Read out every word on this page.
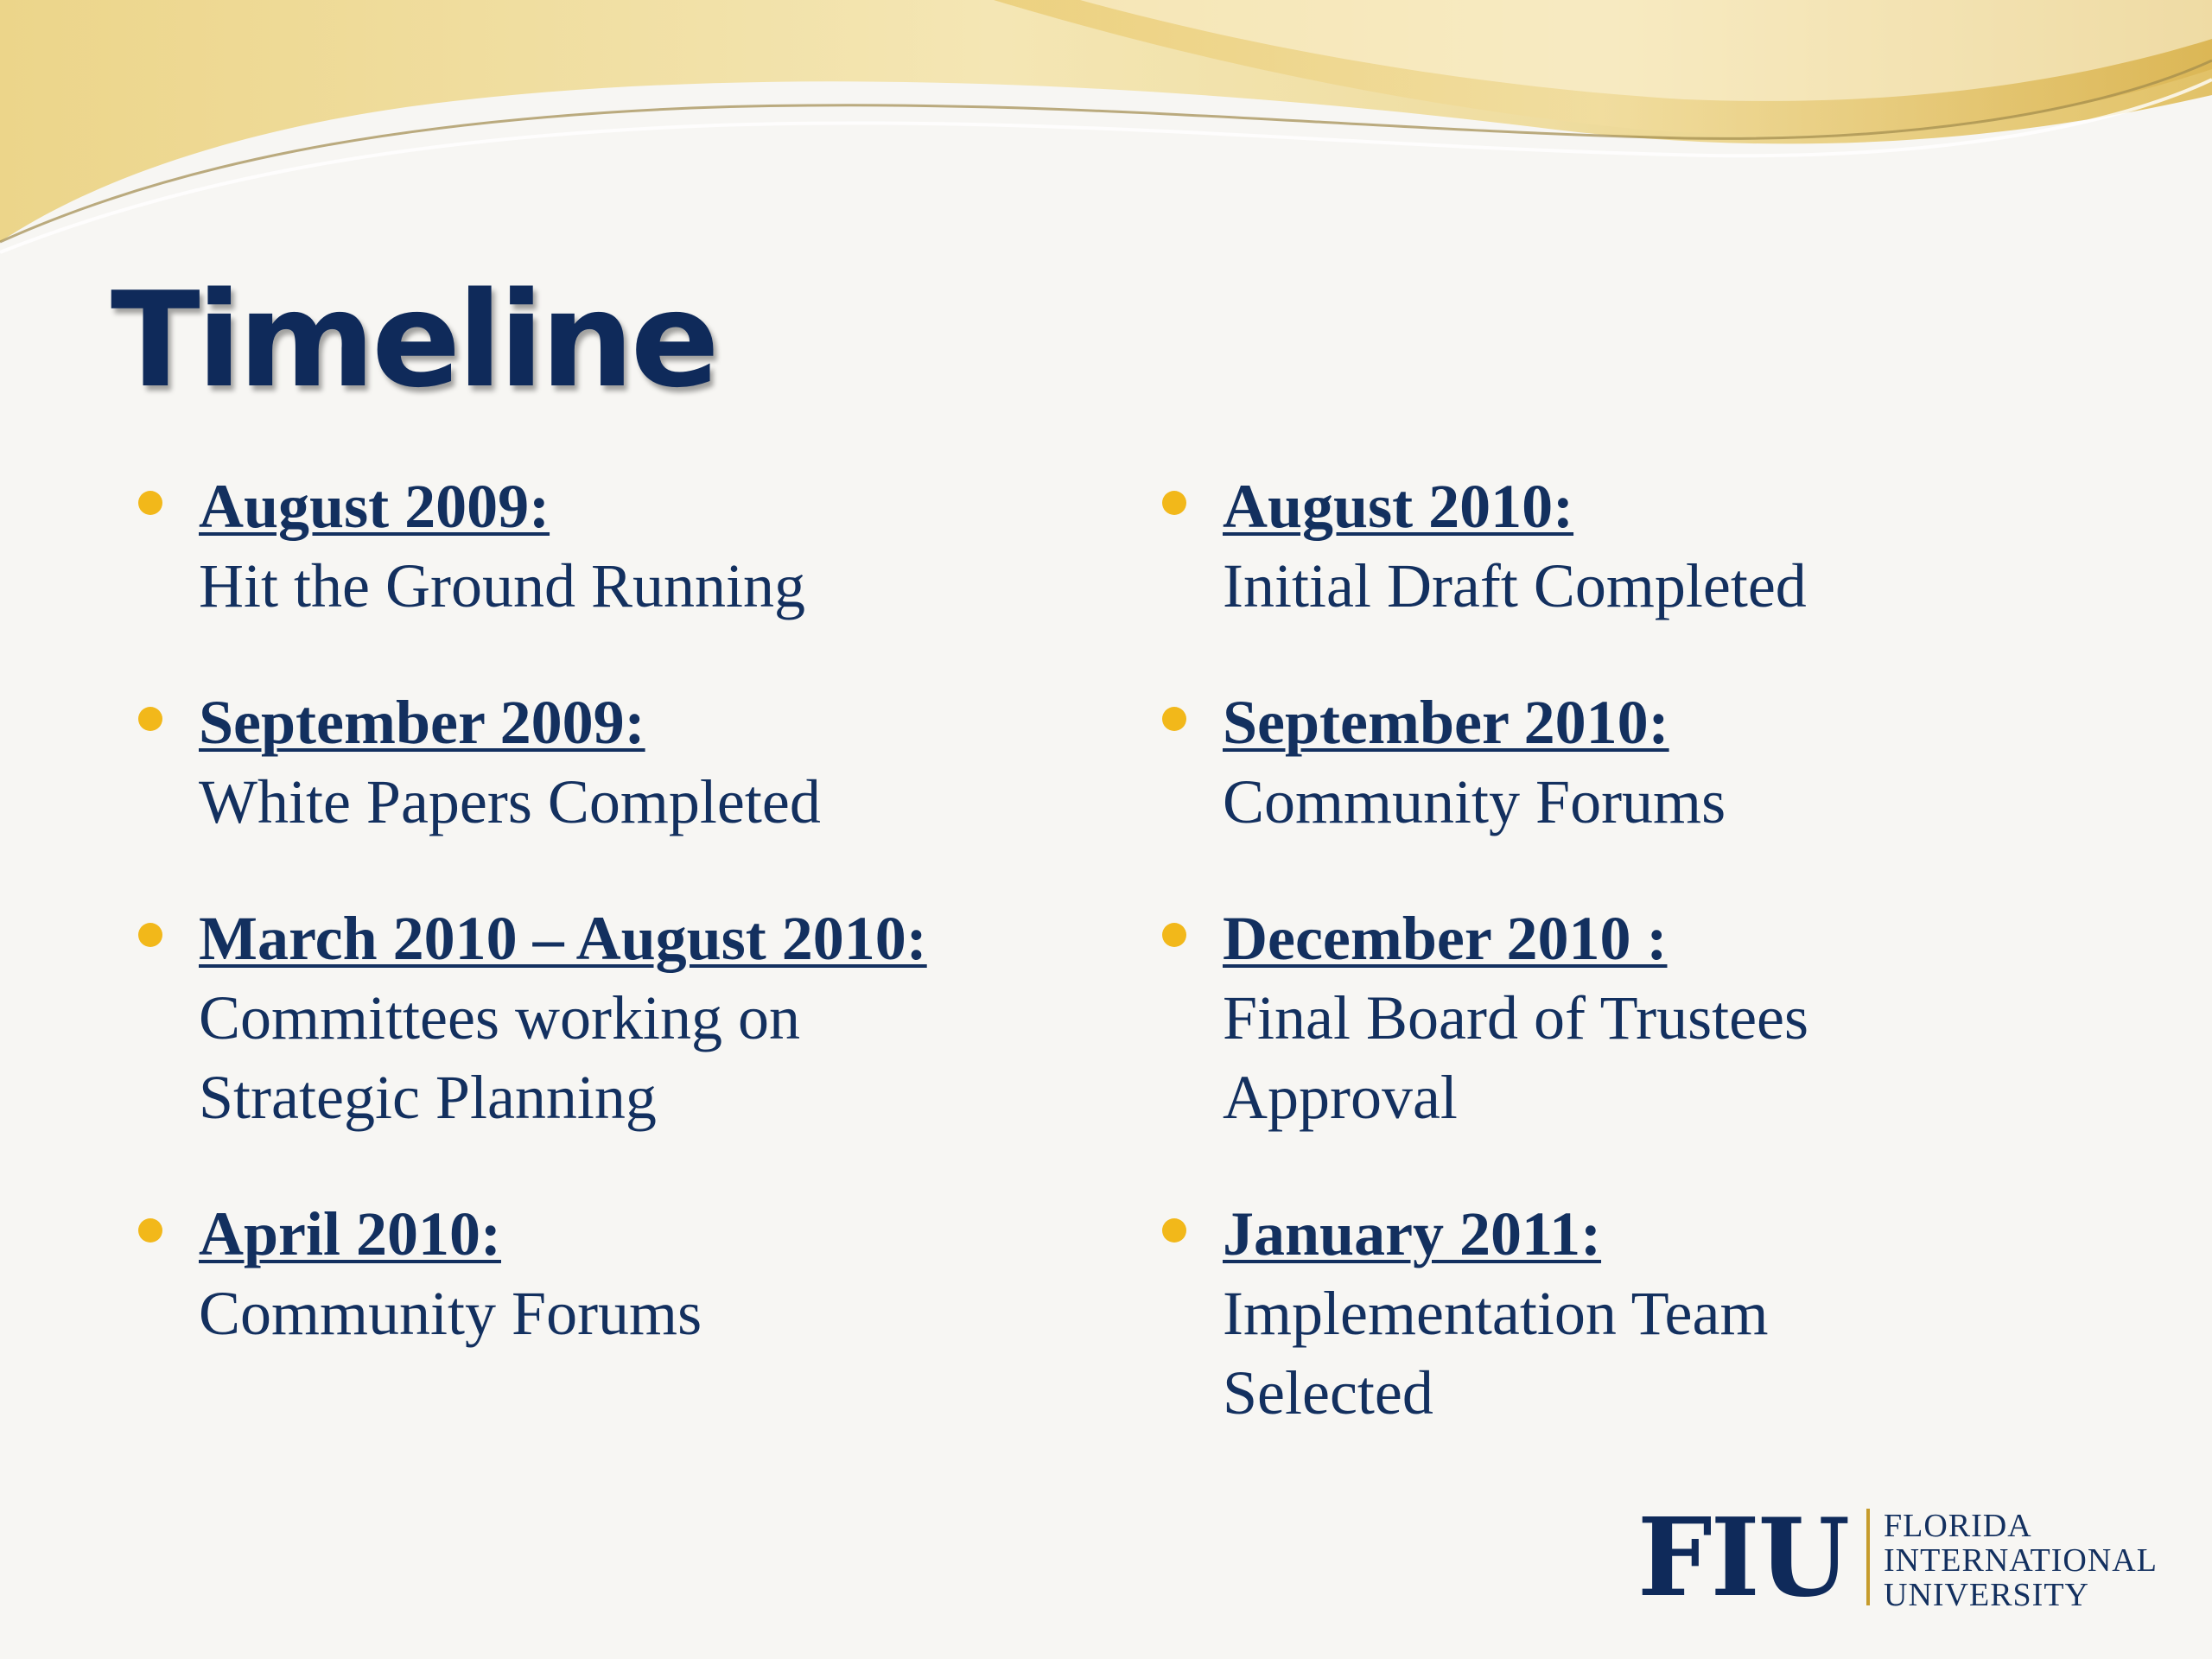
Timeline
August 2009:
Hit the Ground Running
September 2009:
White Papers Completed
March 2010 – August 2010:
Committees working on
Strategic Planning
April 2010:
Community Forums
August 2010:
Initial Draft Completed
September 2010:
Community Forums
December 2010 :
Final Board of Trustees
Approval
January 2011:
Implementation Team
Selected
FIU FLORIDA
INTERNATIONAL
UNIVERSITY
